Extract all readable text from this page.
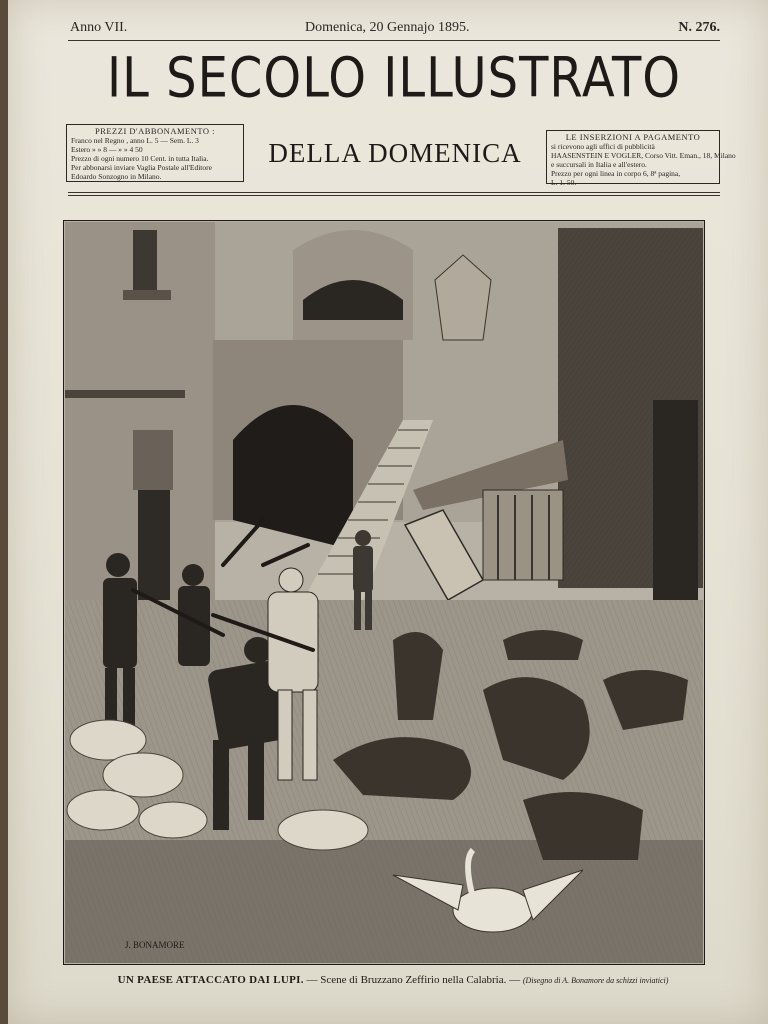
Anno VII.	Domenica, 20 Gennajo 1895.	N. 276.
IL SECOLO ILLUSTRATO
DELLA DOMENICA
PREZZI D'ABBONAMENTO :
Franco nel Regno , anno L. 5 — Sem. L. 3
Estero » » 8 — » » 4 50
Prezzo di ogni numero 10 Cent. in tutta Italia.
Per abbonarsi inviare Vaglia Postale all'Editore
Edoardo Sonzogno in Milano.
LE INSERZIONI A PAGAMENTO
si ricevono agli uffici di pubblicità
HAASENSTEIN E VOGLER, Corso Vitt. Eman., 18, Milano
e succursali in Italia e all'estero.
Prezzo per ogni linea in corpo 6, 8ª pagina,
L. 1. 50.
J. BONAMORE
UN PAESE ATTACCATO DAI LUPI. — Scene di Bruzzano Zeffirio nella Calabria. — (Disegno di A. Bonamore da schizzi inviatici)
